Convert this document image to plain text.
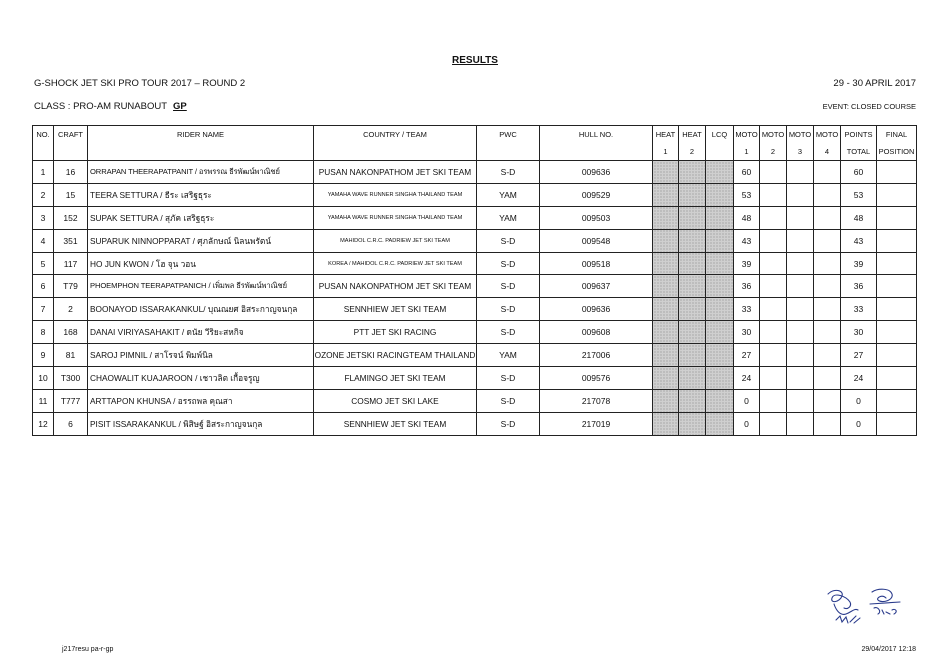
RESULTS
G-SHOCK JET SKI PRO TOUR 2017 – ROUND 2	29 - 30 APRIL 2017
CLASS : PRO-AM RUNABOUT GP	EVENT: CLOSED COURSE
NO.	CRAFT	RIDER NAME	COUNTRY / TEAM	PWC	HULL NO.	HEAT	HEAT	LCQ	MOTO	MOTO	MOTO	MOTO	POINTS	FINAL
						1	2		1	2	3	4	TOTAL	POSITION
1	16	ORRAPAN THEERAPATPANIT / อรพรรณ ธีรพัฒน์พาณิชย์	PUSAN NAKONPATHOM JET SKI TEAM	S-D	009636				60				60	
2	15	TEERA SETTURA / ธีระ เสริฐธุระ	YAMAHA WAVE RUNNER SINGHA THAILAND TEAM	YAM	009529				53				53	
3	152	SUPAK SETTURA / สุภัค เสริฐธุระ	YAMAHA WAVE RUNNER SINGHA THAILAND TEAM	YAM	009503				48				48	
4	351	SUPARUK NINNOPPARAT / ศุภลักษณ์ นิลนพรัตน์	MAHIDOL C.R.C. PADRIEW JET SKI TEAM	S-D	009548				43				43	
5	117	HO JUN KWON / โฮ จุน วอน	KOREA / MAHIDOL C.R.C. PADRIEW JET SKI TEAM	S-D	009518				39				39	
6	T79	PHOEMPHON TEERAPATPANICH / เพิ่มพล ธีรพัฒน์พาณิชย์	PUSAN NAKONPATHOM JET SKI TEAM	S-D	009637				36				36	
7	2	BOONAYOD ISSARAKANKUL/ บุณณยศ อิสระกาญจนกุล	SENNHIEW JET SKI TEAM	S-D	009636				33				33	
8	168	DANAI VIRIYASAHAKIT / ดนัย วีริยะสหกิจ	PTT JET SKI RACING	S-D	009608				30				30	
9	81	SAROJ PIMNIL / สาโรจน์ พิมพ์นิล	OZONE JETSKI RACINGTEAM THAILAND	YAM	217006				27				27	
10	T300	CHAOWALIT KUAJAROON / เชาวลิต เกื้อจรูญ	FLAMINGO JET SKI TEAM	S-D	009576				24				24	
11	T777	ARTTAPON KHUNSA / อรรถพล คุณสา	COSMO JET SKI LAKE	S-D	217078				0				0	
12	6	PISIT ISSARAKANKUL / พิสิษฐ์ อิสระกาญจนกุล	SENNHIEW JET SKI TEAM	S-D	217019				0				0	
j217resu pa-r-gp	29/04/2017 12:18
